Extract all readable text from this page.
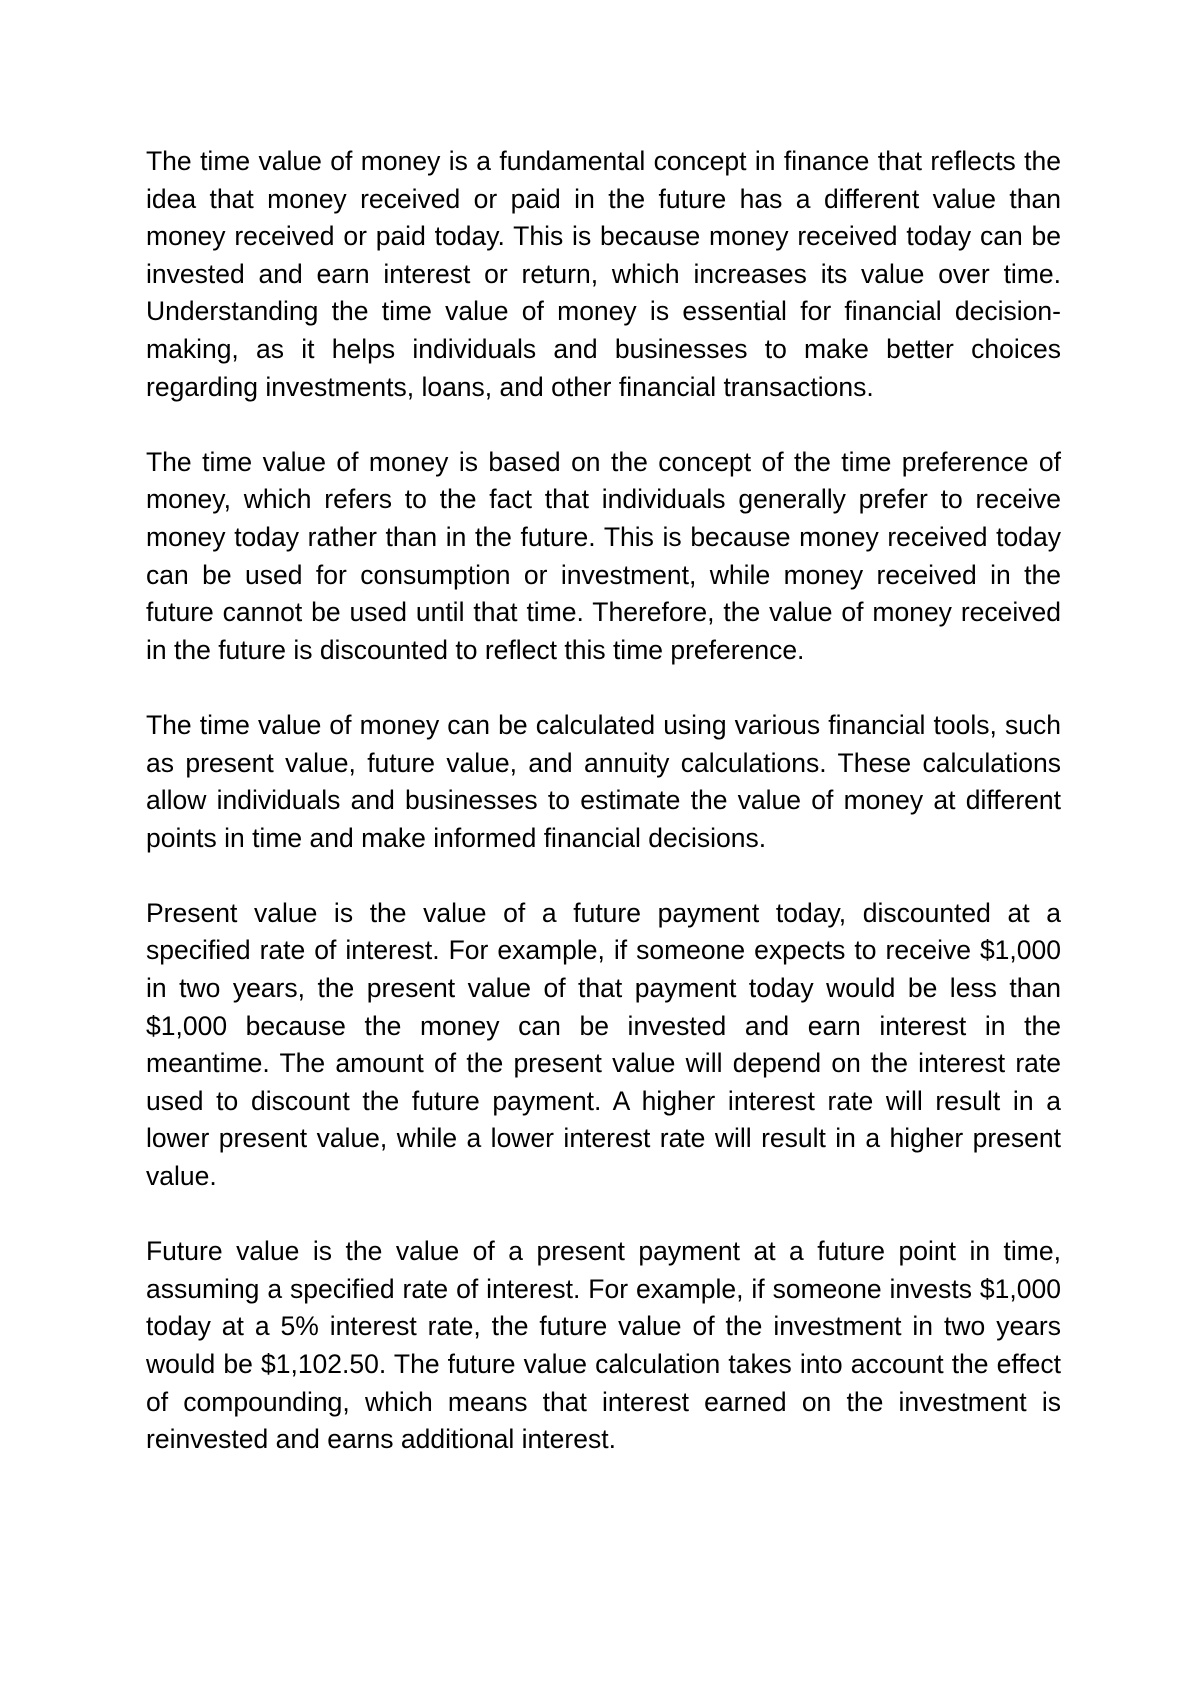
The time value of money is a fundamental concept in finance that reflects the idea that money received or paid in the future has a different value than money received or paid today. This is because money received today can be invested and earn interest or return, which increases its value over time. Understanding the time value of money is essential for financial decision-making, as it helps individuals and businesses to make better choices regarding investments, loans, and other financial transactions.

The time value of money is based on the concept of the time preference of money, which refers to the fact that individuals generally prefer to receive money today rather than in the future. This is because money received today can be used for consumption or investment, while money received in the future cannot be used until that time. Therefore, the value of money received in the future is discounted to reflect this time preference.

The time value of money can be calculated using various financial tools, such as present value, future value, and annuity calculations. These calculations allow individuals and businesses to estimate the value of money at different points in time and make informed financial decisions.

Present value is the value of a future payment today, discounted at a specified rate of interest. For example, if someone expects to receive $1,000 in two years, the present value of that payment today would be less than $1,000 because the money can be invested and earn interest in the meantime. The amount of the present value will depend on the interest rate used to discount the future payment. A higher interest rate will result in a lower present value, while a lower interest rate will result in a higher present value.

Future value is the value of a present payment at a future point in time, assuming a specified rate of interest. For example, if someone invests $1,000 today at a 5% interest rate, the future value of the investment in two years would be $1,102.50. The future value calculation takes into account the effect of compounding, which means that interest earned on the investment is reinvested and earns additional interest.
